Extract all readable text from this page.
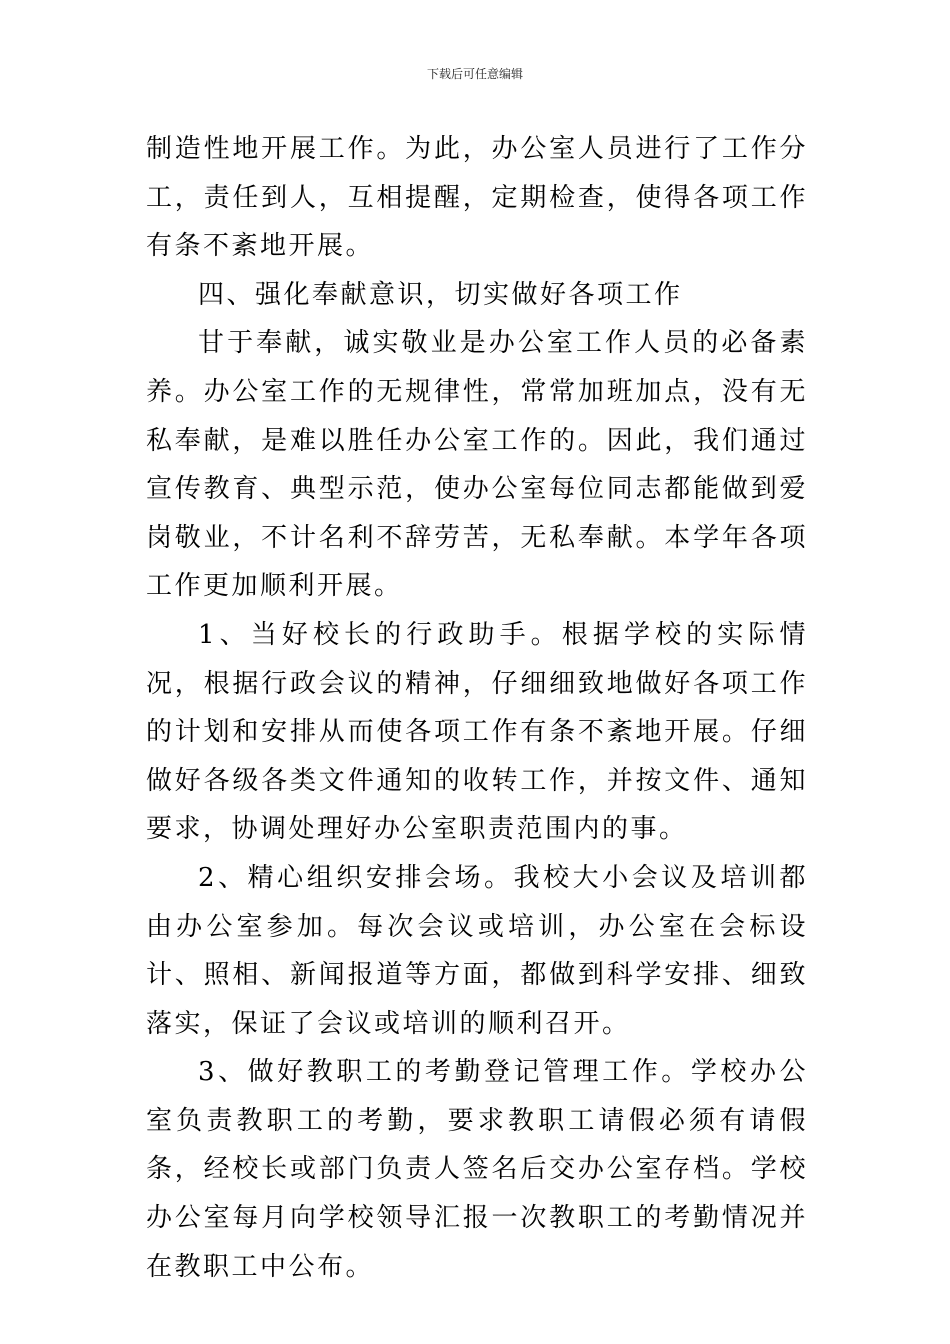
下载后可任意编辑

制造性地开展工作。为此，办公室人员进行了工作分工，责任到人，互相提醒，定期检查，使得各项工作有条不紊地开展。

四、强化奉献意识，切实做好各项工作

甘于奉献，诚实敬业是办公室工作人员的必备素养。办公室工作的无规律性，常常加班加点，没有无私奉献，是难以胜任办公室工作的。因此，我们通过宣传教育、典型示范，使办公室每位同志都能做到爱岗敬业，不计名利不辞劳苦，无私奉献。本学年各项工作更加顺利开展。

1、当好校长的行政助手。根据学校的实际情况，根据行政会议的精神，仔细细致地做好各项工作的计划和安排从而使各项工作有条不紊地开展。仔细做好各级各类文件通知的收转工作，并按文件、通知要求，协调处理好办公室职责范围内的事。

2、精心组织安排会场。我校大小会议及培训都由办公室参加。每次会议或培训，办公室在会标设计、照相、新闻报道等方面，都做到科学安排、细致落实，保证了会议或培训的顺利召开。

3、做好教职工的考勤登记管理工作。学校办公室负责教职工的考勤，要求教职工请假必须有请假条，经校长或部门负责人签名后交办公室存档。学校办公室每月向学校领导汇报一次教职工的考勤情况并在教职工中公布。
